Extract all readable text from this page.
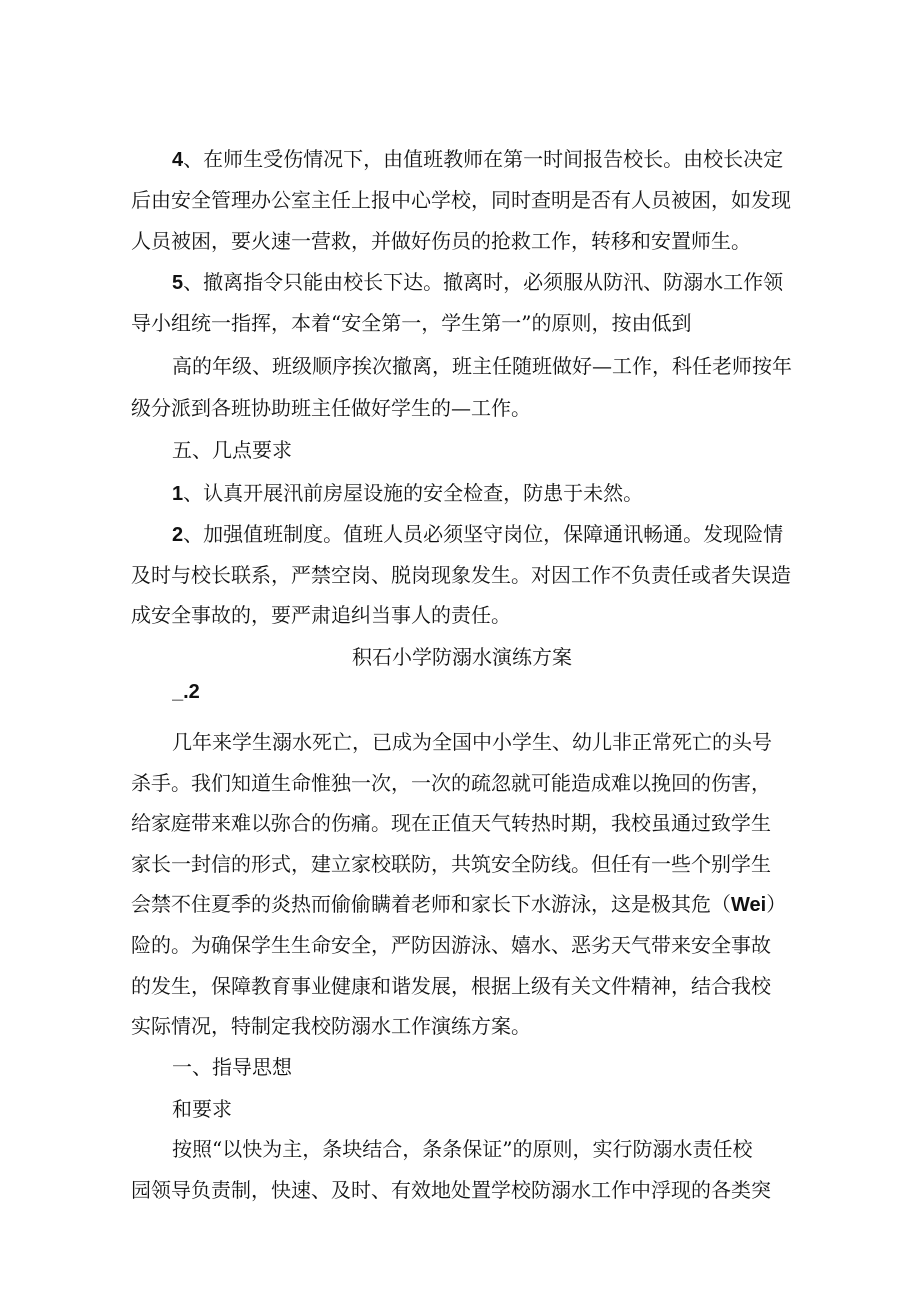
4、在师生受伤情况下，由值班教师在第一时间报告校长。由校长决定
后由安全管理办公室主任上报中心学校，同时查明是否有人员被困，如发现
人员被困，要火速一营救，并做好伤员的抢救工作，转移和安置师生。
5、撤离指令只能由校长下达。撤离时，必须服从防汛、防溺水工作领
导小组统一指挥，本着“安全第一，学生第一”的原则，按由低到
高的年级、班级顺序挨次撤离，班主任随班做好—工作，科任老师按年
级分派到各班协助班主任做好学生的—工作。
五、几点要求
1、认真开展汛前房屋设施的安全检查，防患于未然。
2、加强值班制度。值班人员必须坚守岗位，保障通讯畅通。发现险情
及时与校长联系，严禁空岗、脱岗现象发生。对因工作不负责任或者失误造
成安全事故的，要严肃追纠当事人的责任。
积石小学防溺水演练方案
_.2
几年来学生溺水死亡，已成为全国中小学生、幼儿非正常死亡的头号
杀手。我们知道生命惟独一次，一次的疏忽就可能造成难以挽回的伤害，
给家庭带来难以弥合的伤痛。现在正值天气转热时期，我校虽通过致学生
家长一封信的形式，建立家校联防，共筑安全防线。但任有一些个别学生
会禁不住夏季的炎热而偷偷瞒着老师和家长下水游泳，这是极其危（Wei）
险的。为确保学生生命安全，严防因游泳、嬉水、恶劣天气带来安全事故
的发生，保障教育事业健康和谐发展，根据上级有关文件精神，结合我校
实际情况，特制定我校防溺水工作演练方案。
一、指导思想
和要求
按照“以快为主，条块结合，条条保证”的原则，实行防溺水责任校
园领导负责制，快速、及时、有效地处置学校防溺水工作中浮现的各类突
